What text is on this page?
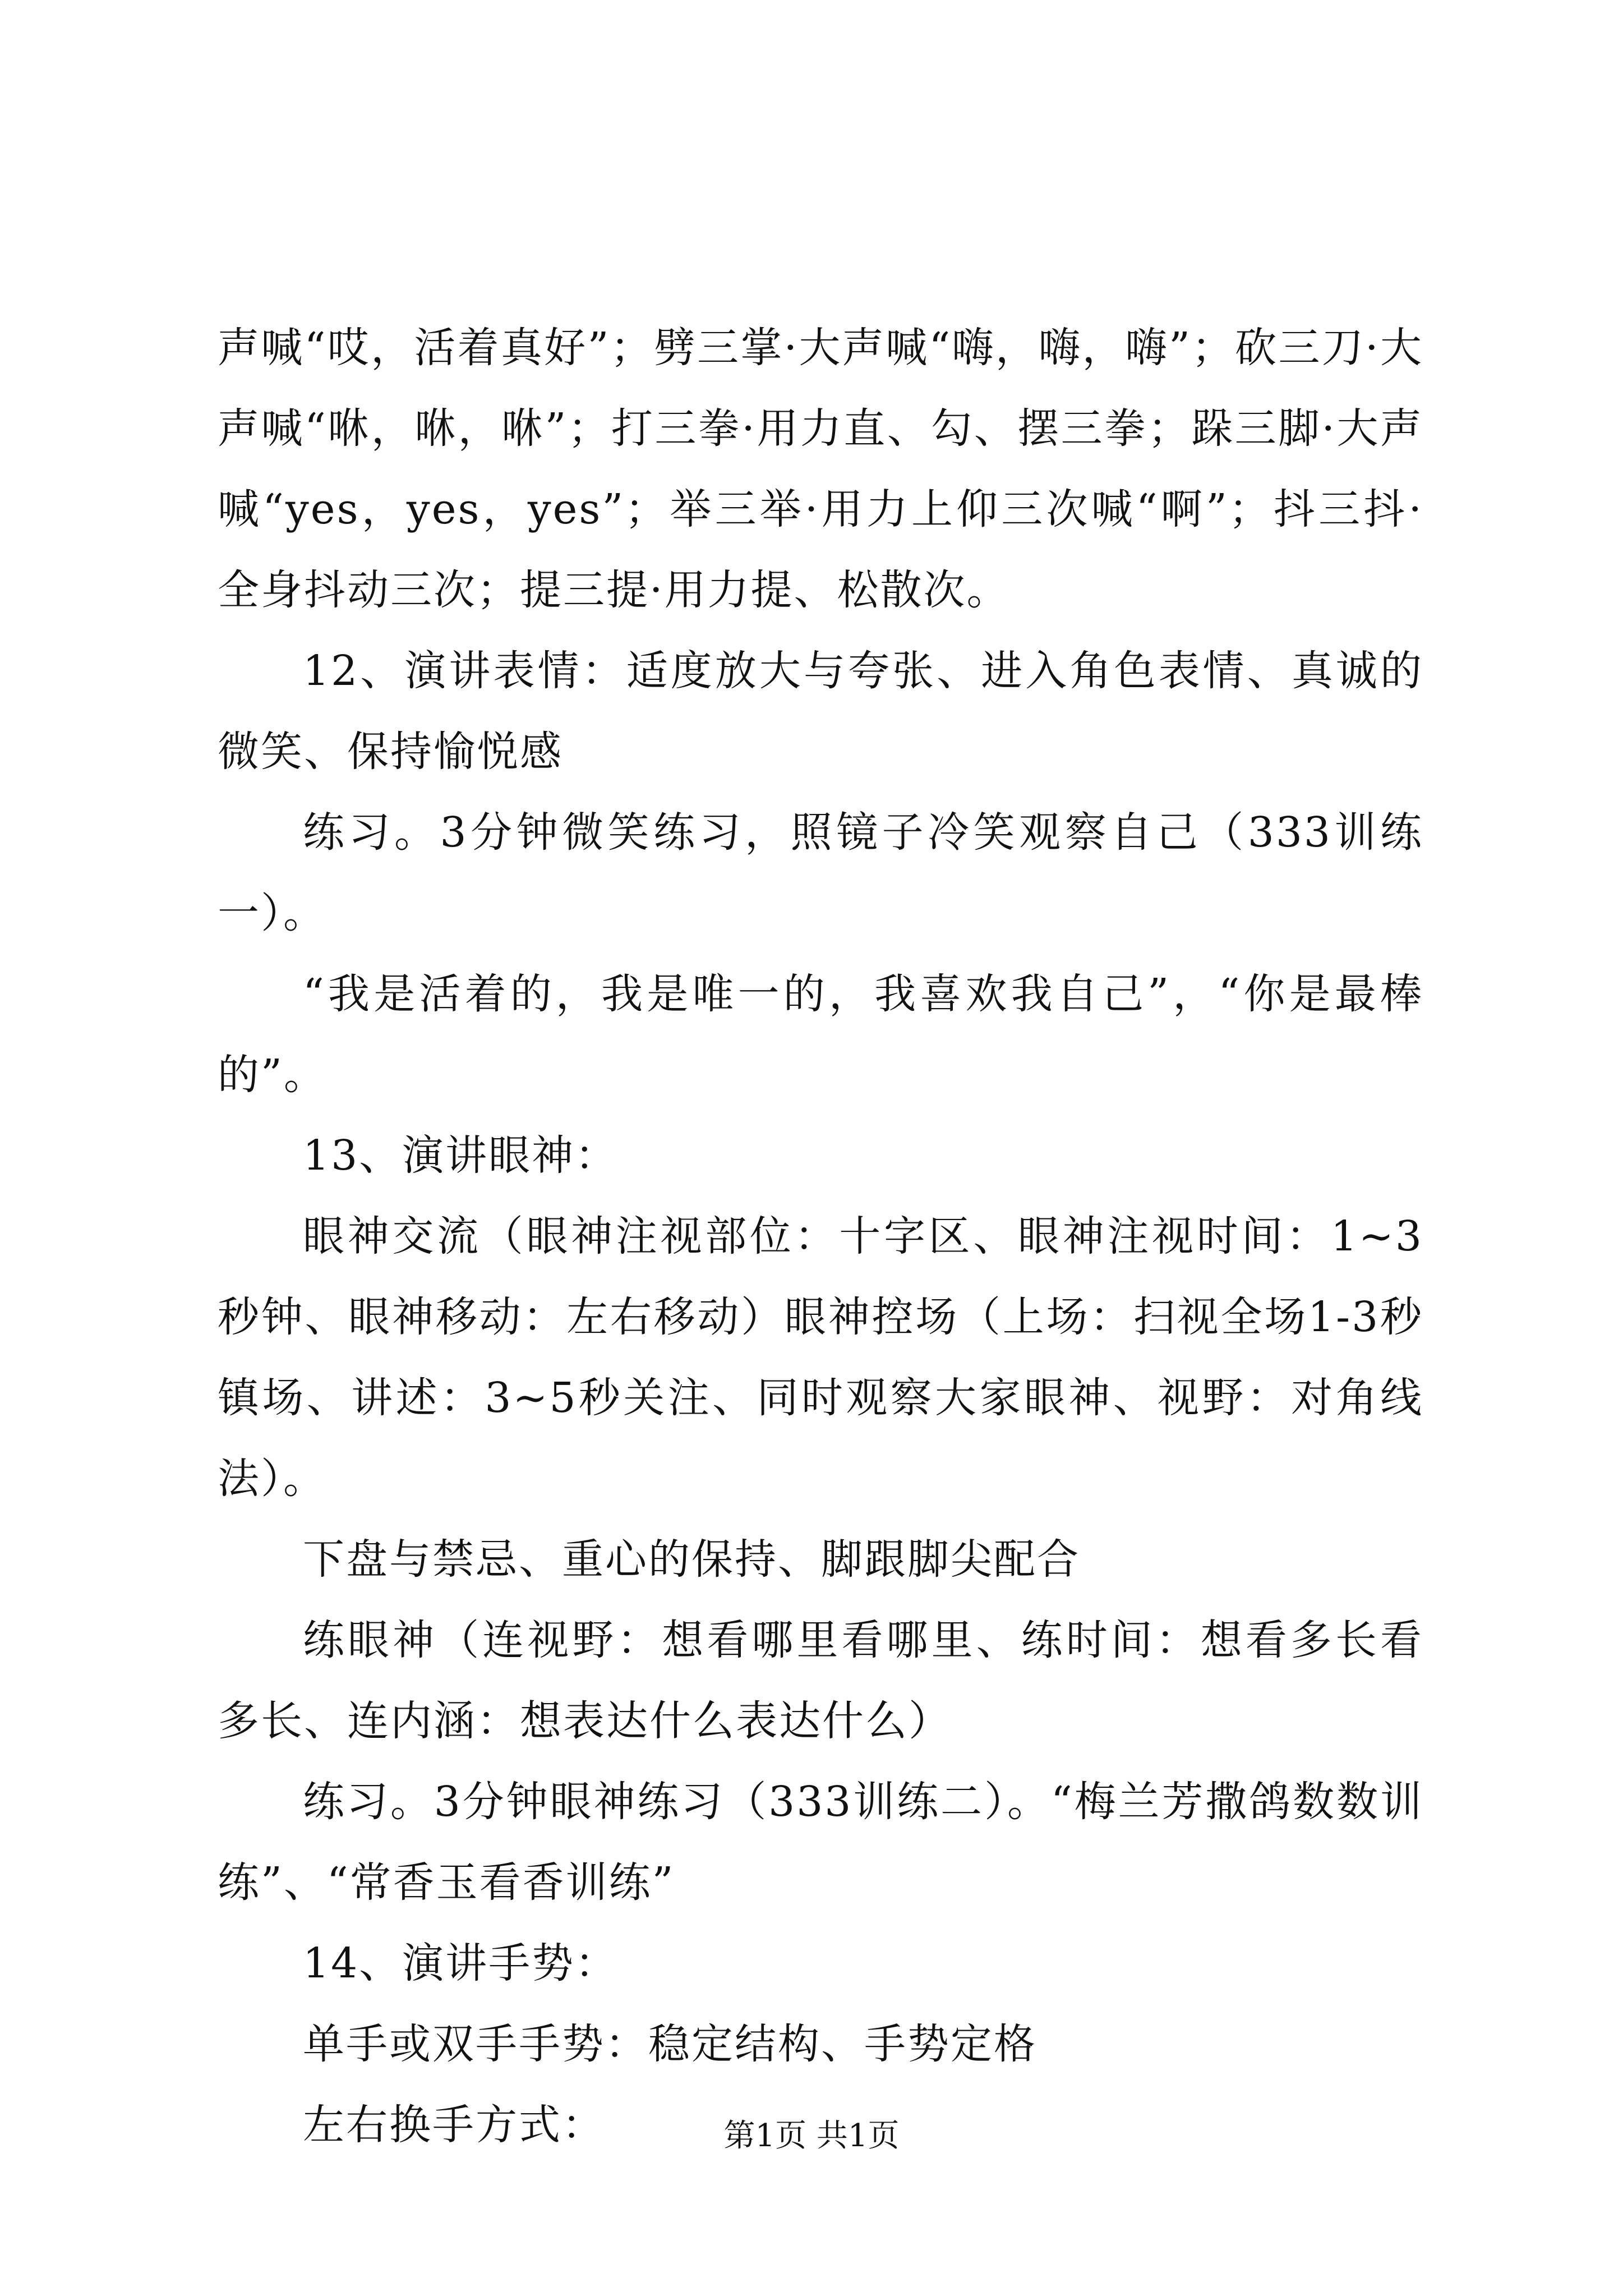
声喊“哎，活着真好”；劈三掌·大声喊“嗨，嗨，嗨”；砍三刀·大声喊“咻，咻，咻”；打三拳·用力直、勾、摆三拳；跺三脚·大声喊“yes，yes，yes”；举三举·用力上仰三次喊“啊”；抖三抖·全身抖动三次；提三提·用力提、松散次。

12、演讲表情：适度放大与夸张、进入角色表情、真诚的微笑、保持愉悦感

练习。3分钟微笑练习，照镜子冷笑观察自己（333训练一）。

“我是活着的，我是唯一的，我喜欢我自己”，“你是最棒的”。

13、演讲眼神：

眼神交流（眼神注视部位：十字区、眼神注视时间：1~3秒钟、眼神移动：左右移动）眼神控场（上场：扫视全场1-3秒镇场、讲述：3~5秒关注、同时观察大家眼神、视野：对角线法）。

下盘与禁忌、重心的保持、脚跟脚尖配合

练眼神（连视野：想看哪里看哪里、练时间：想看多长看多长、连内涵：想表达什么表达什么）

练习。3分钟眼神练习（333训练二）。“梅兰芳撒鸽数数训练”、“常香玉看香训练”

14、演讲手势：

单手或双手手势：稳定结构、手势定格

左右换手方式：	第1页 共1页
